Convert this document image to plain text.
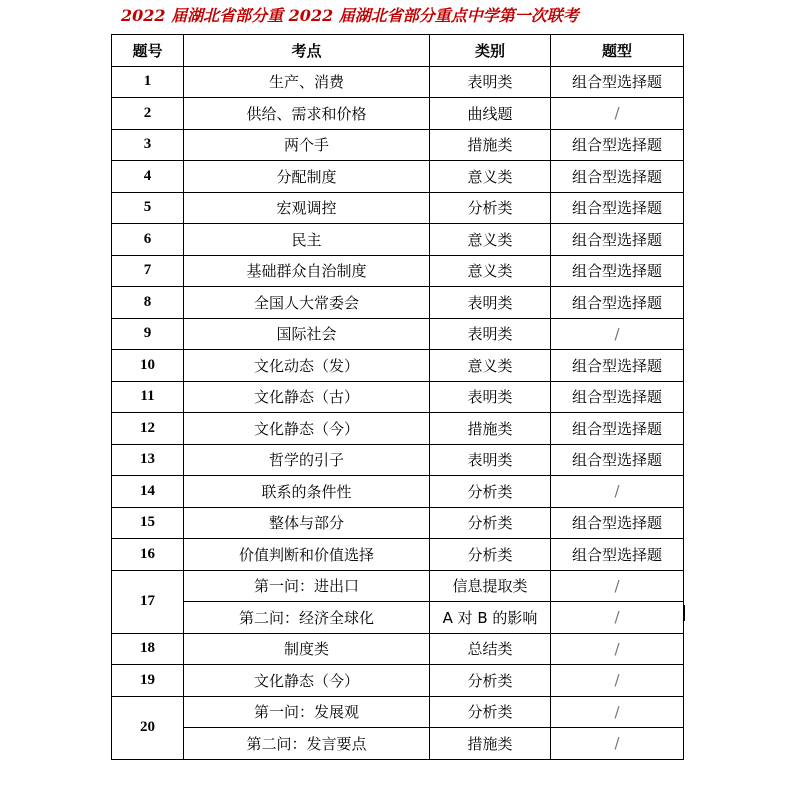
2022 届湖北省部分重 2022 届湖北省部分重点中学第一次联考
题号	考点	类别	题型
1	生产、消费	表明类	组合型选择题
2	供给、需求和价格	曲线题	/
3	两个手	措施类	组合型选择题
4	分配制度	意义类	组合型选择题
5	宏观调控	分析类	组合型选择题
6	民主	意义类	组合型选择题
7	基础群众自治制度	意义类	组合型选择题
8	全国人大常委会	表明类	组合型选择题
9	国际社会	表明类	/
10	文化动态（发）	意义类	组合型选择题
11	文化静态（古）	表明类	组合型选择题
12	文化静态（今）	措施类	组合型选择题
13	哲学的引子	表明类	组合型选择题
14	联系的条件性	分析类	/
15	整体与部分	分析类	组合型选择题
16	价值判断和价值选择	分析类	组合型选择题
17	第一问：进出口	信息提取类	/
	第二问：经济全球化	A 对 B 的影响	/
18	制度类	总结类	/
19	文化静态（今）	分析类	/
20	第一问：发展观	分析类	/
	第二问：发言要点	措施类	/
